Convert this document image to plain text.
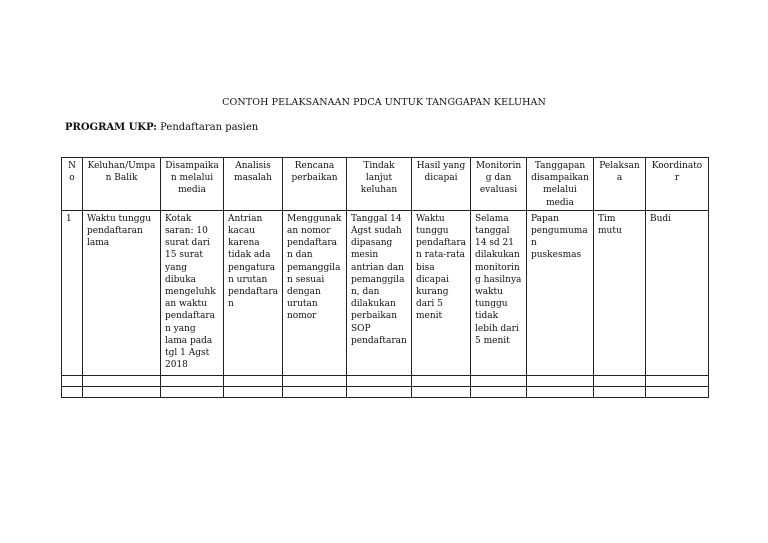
CONTOH PELAKSANAAN PDCA UNTUK TANGGAPAN KELUHAN
PROGRAM UKP: Pendaftaran pasien
No	Keluhan/Umpan Balik	Disampaikan melalui media	Analisis masalah	Rencana perbaikan	Tindak lanjut keluhan	Hasil yang dicapai	Monitoring dan evaluasi	Tanggapan disampaikan melalui media	Pelaksana	Koordinator
1	Waktu tunggu pendaftaran lama	Kotak saran: 10 surat dari 15 surat yang dibuka mengeluhkan waktu pendaftaran yang lama pada tgl 1 Agst 2018	Antrian kacau karena tidak ada pengaturan urutan pendaftaran	Menggunakan nomor pendaftaran dan pemanggilan sesuai dengan urutan nomor	Tanggal 14 Agst sudah dipasang mesin antrian dan pemanggilan, dan dilakukan perbaikan SOP pendaftaran	Waktu tunggu pendaftaran rata-rata bisa dicapai kurang dari 5 menit	Selama tanggal 14 sd 21 dilakukan monitoring hasilnya waktu tunggu tidak lebih dari 5 menit	Papan pengumuman puskesmas	Tim mutu	Budi
